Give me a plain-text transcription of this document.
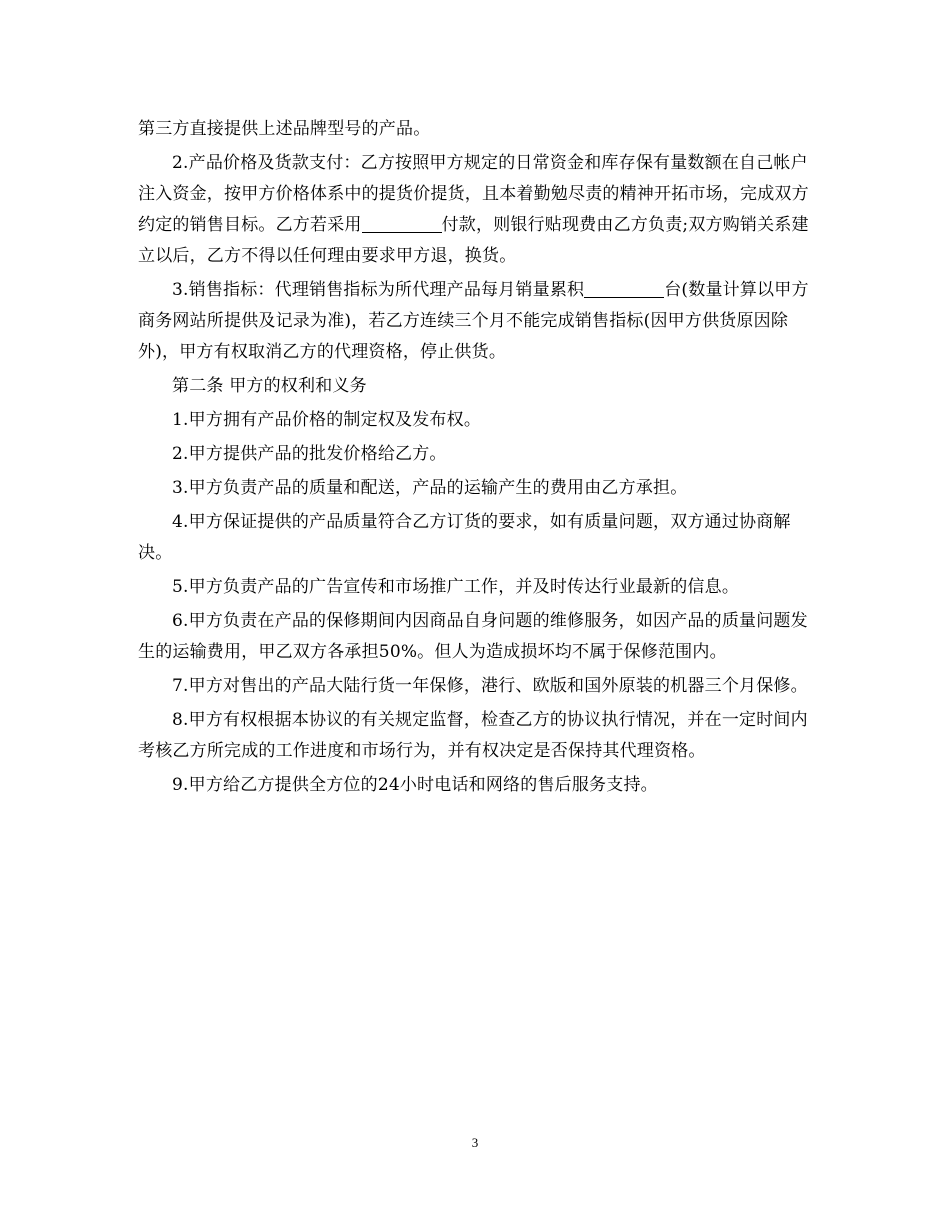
第三方直接提供上述品牌型号的产品。

2.产品价格及货款支付：乙方按照甲方规定的日常资金和库存保有量数额在自己帐户注入资金，按甲方价格体系中的提货价提货，且本着勤勉尽责的精神开拓市场，完成双方约定的销售目标。乙方若采用	付款，则银行贴现费由乙方负责;双方购销关系建立以后，乙方不得以任何理由要求甲方退，换货。

3.销售指标：代理销售指标为所代理产品每月销量累积	台(数量计算以甲方商务网站所提供及记录为准)，若乙方连续三个月不能完成销售指标(因甲方供货原因除外)，甲方有权取消乙方的代理资格，停止供货。

第二条 甲方的权利和义务

1.甲方拥有产品价格的制定权及发布权。

2.甲方提供产品的批发价格给乙方。

3.甲方负责产品的质量和配送，产品的运输产生的费用由乙方承担。

4.甲方保证提供的产品质量符合乙方订货的要求，如有质量问题，双方通过协商解决。

5.甲方负责产品的广告宣传和市场推广工作，并及时传达行业最新的信息。

6.甲方负责在产品的保修期间内因商品自身问题的维修服务，如因产品的质量问题发生的运输费用，甲乙双方各承担50%。但人为造成损坏均不属于保修范围内。

7.甲方对售出的产品大陆行货一年保修，港行、欧版和国外原装的机器三个月保修。

8.甲方有权根据本协议的有关规定监督，检查乙方的协议执行情况，并在一定时间内考核乙方所完成的工作进度和市场行为，并有权决定是否保持其代理资格。

9.甲方给乙方提供全方位的24小时电话和网络的售后服务支持。

3
